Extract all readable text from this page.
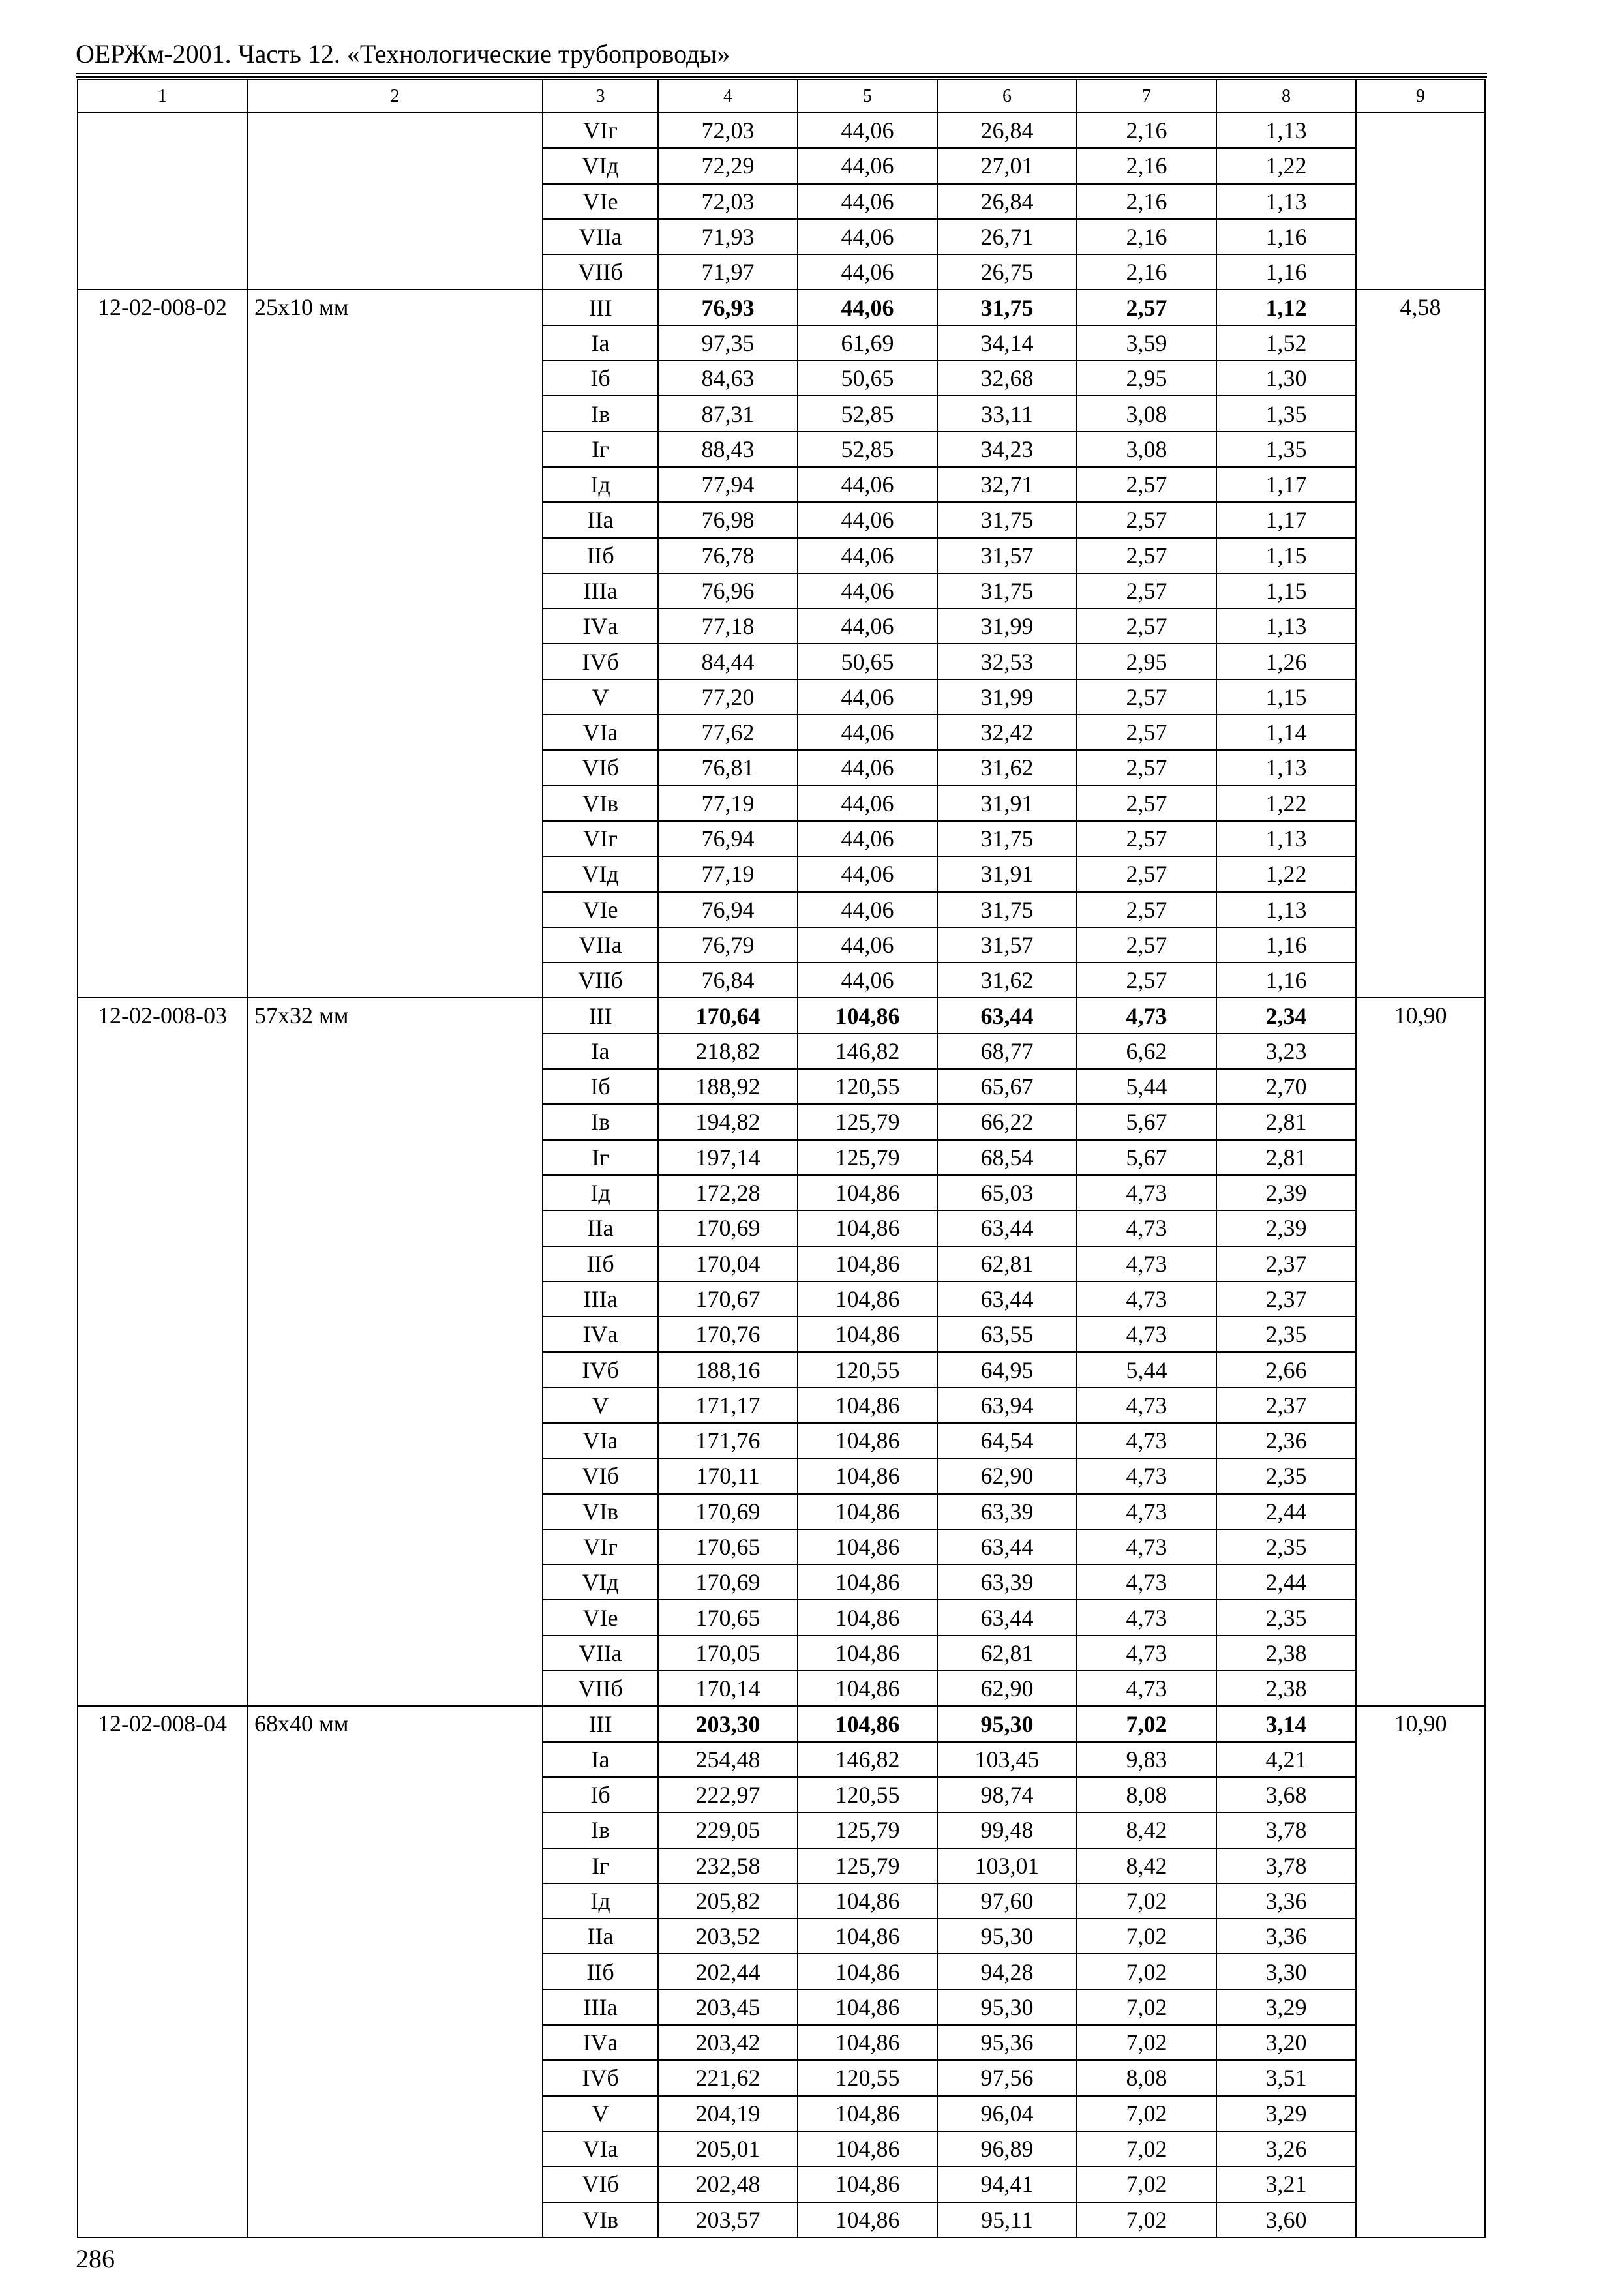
ОЕРЖм-2001. Часть 12. «Технологические трубопроводы»
1	2	3	4	5	6	7	8	9
		VIг	72,03	44,06	26,84	2,16	1,13	
		VIд	72,29	44,06	27,01	2,16	1,22	
		VIе	72,03	44,06	26,84	2,16	1,13	
		VIIа	71,93	44,06	26,71	2,16	1,16	
		VIIб	71,97	44,06	26,75	2,16	1,16	
12-02-008-02	25х10 мм	III	76,93	44,06	31,75	2,57	1,12	4,58
		Iа	97,35	61,69	34,14	3,59	1,52	
		Iб	84,63	50,65	32,68	2,95	1,30	
		Iв	87,31	52,85	33,11	3,08	1,35	
		Iг	88,43	52,85	34,23	3,08	1,35	
		Iд	77,94	44,06	32,71	2,57	1,17	
		IIа	76,98	44,06	31,75	2,57	1,17	
		IIб	76,78	44,06	31,57	2,57	1,15	
		IIIа	76,96	44,06	31,75	2,57	1,15	
		IVа	77,18	44,06	31,99	2,57	1,13	
		IVб	84,44	50,65	32,53	2,95	1,26	
		V	77,20	44,06	31,99	2,57	1,15	
		VIа	77,62	44,06	32,42	2,57	1,14	
		VIб	76,81	44,06	31,62	2,57	1,13	
		VIв	77,19	44,06	31,91	2,57	1,22	
		VIг	76,94	44,06	31,75	2,57	1,13	
		VIд	77,19	44,06	31,91	2,57	1,22	
		VIе	76,94	44,06	31,75	2,57	1,13	
		VIIа	76,79	44,06	31,57	2,57	1,16	
		VIIб	76,84	44,06	31,62	2,57	1,16	
12-02-008-03	57х32 мм	III	170,64	104,86	63,44	4,73	2,34	10,90
		Iа	218,82	146,82	68,77	6,62	3,23	
		Iб	188,92	120,55	65,67	5,44	2,70	
		Iв	194,82	125,79	66,22	5,67	2,81	
		Iг	197,14	125,79	68,54	5,67	2,81	
		Iд	172,28	104,86	65,03	4,73	2,39	
		IIа	170,69	104,86	63,44	4,73	2,39	
		IIб	170,04	104,86	62,81	4,73	2,37	
		IIIа	170,67	104,86	63,44	4,73	2,37	
		IVа	170,76	104,86	63,55	4,73	2,35	
		IVб	188,16	120,55	64,95	5,44	2,66	
		V	171,17	104,86	63,94	4,73	2,37	
		VIа	171,76	104,86	64,54	4,73	2,36	
		VIб	170,11	104,86	62,90	4,73	2,35	
		VIв	170,69	104,86	63,39	4,73	2,44	
		VIг	170,65	104,86	63,44	4,73	2,35	
		VIд	170,69	104,86	63,39	4,73	2,44	
		VIе	170,65	104,86	63,44	4,73	2,35	
		VIIа	170,05	104,86	62,81	4,73	2,38	
		VIIб	170,14	104,86	62,90	4,73	2,38	
12-02-008-04	68х40 мм	III	203,30	104,86	95,30	7,02	3,14	10,90
		Iа	254,48	146,82	103,45	9,83	4,21	
		Iб	222,97	120,55	98,74	8,08	3,68	
		Iв	229,05	125,79	99,48	8,42	3,78	
		Iг	232,58	125,79	103,01	8,42	3,78	
		Iд	205,82	104,86	97,60	7,02	3,36	
		IIа	203,52	104,86	95,30	7,02	3,36	
		IIб	202,44	104,86	94,28	7,02	3,30	
		IIIа	203,45	104,86	95,30	7,02	3,29	
		IVа	203,42	104,86	95,36	7,02	3,20	
		IVб	221,62	120,55	97,56	8,08	3,51	
		V	204,19	104,86	96,04	7,02	3,29	
		VIа	205,01	104,86	96,89	7,02	3,26	
		VIб	202,48	104,86	94,41	7,02	3,21	
		VIв	203,57	104,86	95,11	7,02	3,60	
286
